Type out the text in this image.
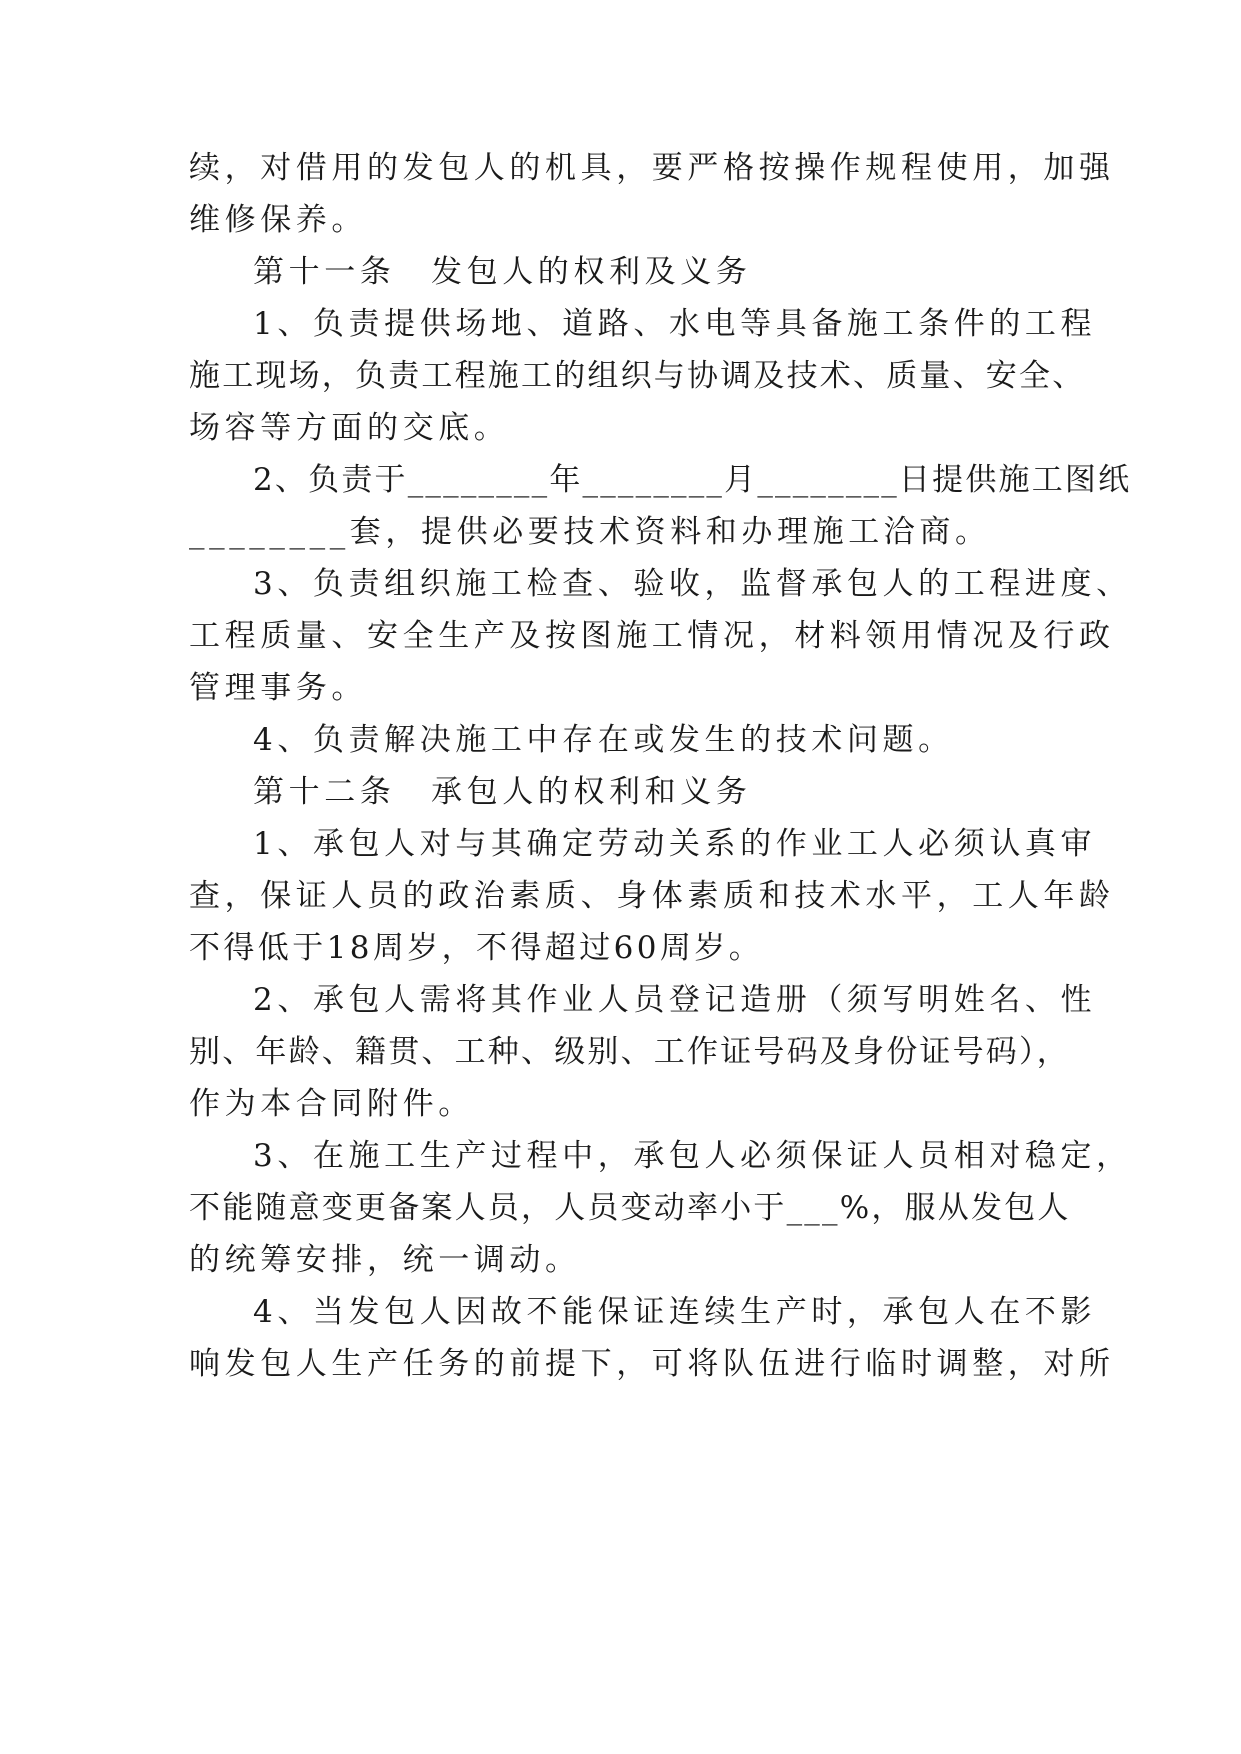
续，对借用的发包人的机具，要严格按操作规程使用，加强
维修保养。
第十一条　发包人的权利及义务
1、负责提供场地、道路、水电等具备施工条件的工程
施工现场，负责工程施工的组织与协调及技术、质量、安全、
场容等方面的交底。
2、负责于________年________月________日提供施工图纸
________套，提供必要技术资料和办理施工洽商。
3、负责组织施工检查、验收，监督承包人的工程进度、
工程质量、安全生产及按图施工情况，材料领用情况及行政
管理事务。
4、负责解决施工中存在或发生的技术问题。
第十二条　承包人的权利和义务
1、承包人对与其确定劳动关系的作业工人必须认真审
查，保证人员的政治素质、身体素质和技术水平，工人年龄
不得低于18周岁，不得超过60周岁。
2、承包人需将其作业人员登记造册（须写明姓名、性
别、年龄、籍贯、工种、级别、工作证号码及身份证号码），
作为本合同附件。
3、在施工生产过程中，承包人必须保证人员相对稳定，
不能随意变更备案人员，人员变动率小于___%，服从发包人
的统筹安排，统一调动。
4、当发包人因故不能保证连续生产时，承包人在不影
响发包人生产任务的前提下，可将队伍进行临时调整，对所
